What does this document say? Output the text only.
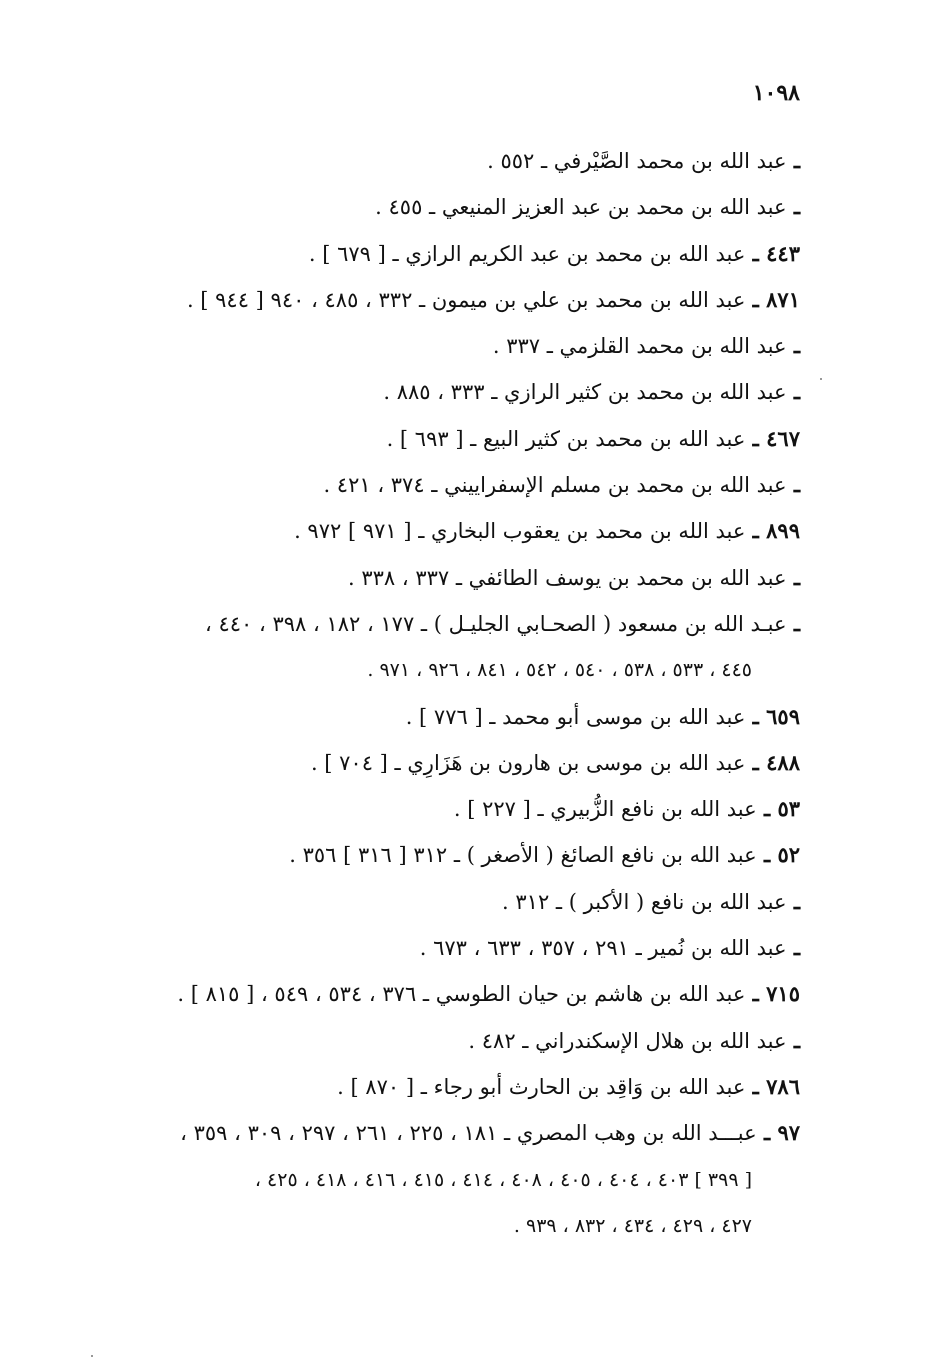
١٠٩٨
ـ عبد الله بن محمد الصَّيْرفي ـ ٥٥٢ .
ـ عبد الله بن محمد بن عبد العزيز المنيعي ـ ٤٥٥ .
٤٤٣ ـ عبد الله بن محمد بن عبد الكريم الرازي ـ [ ٦٧٩ ] .
٨٧١ ـ عبد الله بن محمد بن علي بن ميمون ـ ٣٣٢ ، ٤٨٥ ، ٩٤٠ [ ٩٤٤ ] .
ـ عبد الله بن محمد القلزمي ـ ٣٣٧ .
ـ عبد الله بن محمد بن كثير الرازي ـ ٣٣٣ ، ٨٨٥ .
٤٦٧ ـ عبد الله بن محمد بن كثير البيع ـ [ ٦٩٣ ] .
ـ عبد الله بن محمد بن مسلم الإسفراييني ـ ٣٧٤ ، ٤٢١ .
٨٩٩ ـ عبد الله بن محمد بن يعقوب البخاري ـ [ ٩٧١ ] ٩٧٢ .
ـ عبد الله بن محمد بن يوسف الطائفي ـ ٣٣٧ ، ٣٣٨ .
ـ عبـد الله بن مسعود ( الصحـابي الجليـل ) ـ ١٧٧ ، ١٨٢ ، ٣٩٨ ، ٤٤٠ ،
٤٤٥ ، ٥٣٣ ، ٥٣٨ ، ٥٤٠ ، ٥٤٢ ، ٨٤١ ، ٩٢٦ ، ٩٧١ .
٦٥٩ ـ عبد الله بن موسى أبو محمد ـ [ ٧٧٦ ] .
٤٨٨ ـ عبد الله بن موسى بن هارون بن هَزَارِي ـ [ ٧٠٤ ] .
٥٣ ـ عبد الله بن نافع الزُّبيري ـ [ ٢٢٧ ] .
٥٢ ـ عبد الله بن نافع الصائغ ( الأصغر ) ـ ٣١٢ [ ٣١٦ ] ٣٥٦ .
ـ عبد الله بن نافع ( الأكبر ) ـ ٣١٢ .
ـ عبد الله بن نُمير ـ ٢٩١ ، ٣٥٧ ، ٦٣٣ ، ٦٧٣ .
٧١٥ ـ عبد الله بن هاشم بن حيان الطوسي ـ ٣٧٦ ، ٥٣٤ ، ٥٤٩ ، [ ٨١٥ ] .
ـ عبد الله بن هلال الإسكندراني ـ ٤٨٢ .
٧٨٦ ـ عبد الله بن وَاقِد بن الحارث أبو رجاء ـ [ ٨٧٠ ] .
٩٧ ـ عبـــد الله بن وهب المصري ـ ١٨١ ، ٢٢٥ ، ٢٦١ ، ٢٩٧ ، ٣٠٩ ، ٣٥٩ ،
[ ٣٩٩ ] ٤٠٣ ، ٤٠٤ ، ٤٠٥ ، ٤٠٨ ، ٤١٤ ، ٤١٥ ، ٤١٦ ، ٤١٨ ، ٤٢٥ ،
٤٢٧ ، ٤٢٩ ، ٤٣٤ ، ٨٣٢ ، ٩٣٩ .
